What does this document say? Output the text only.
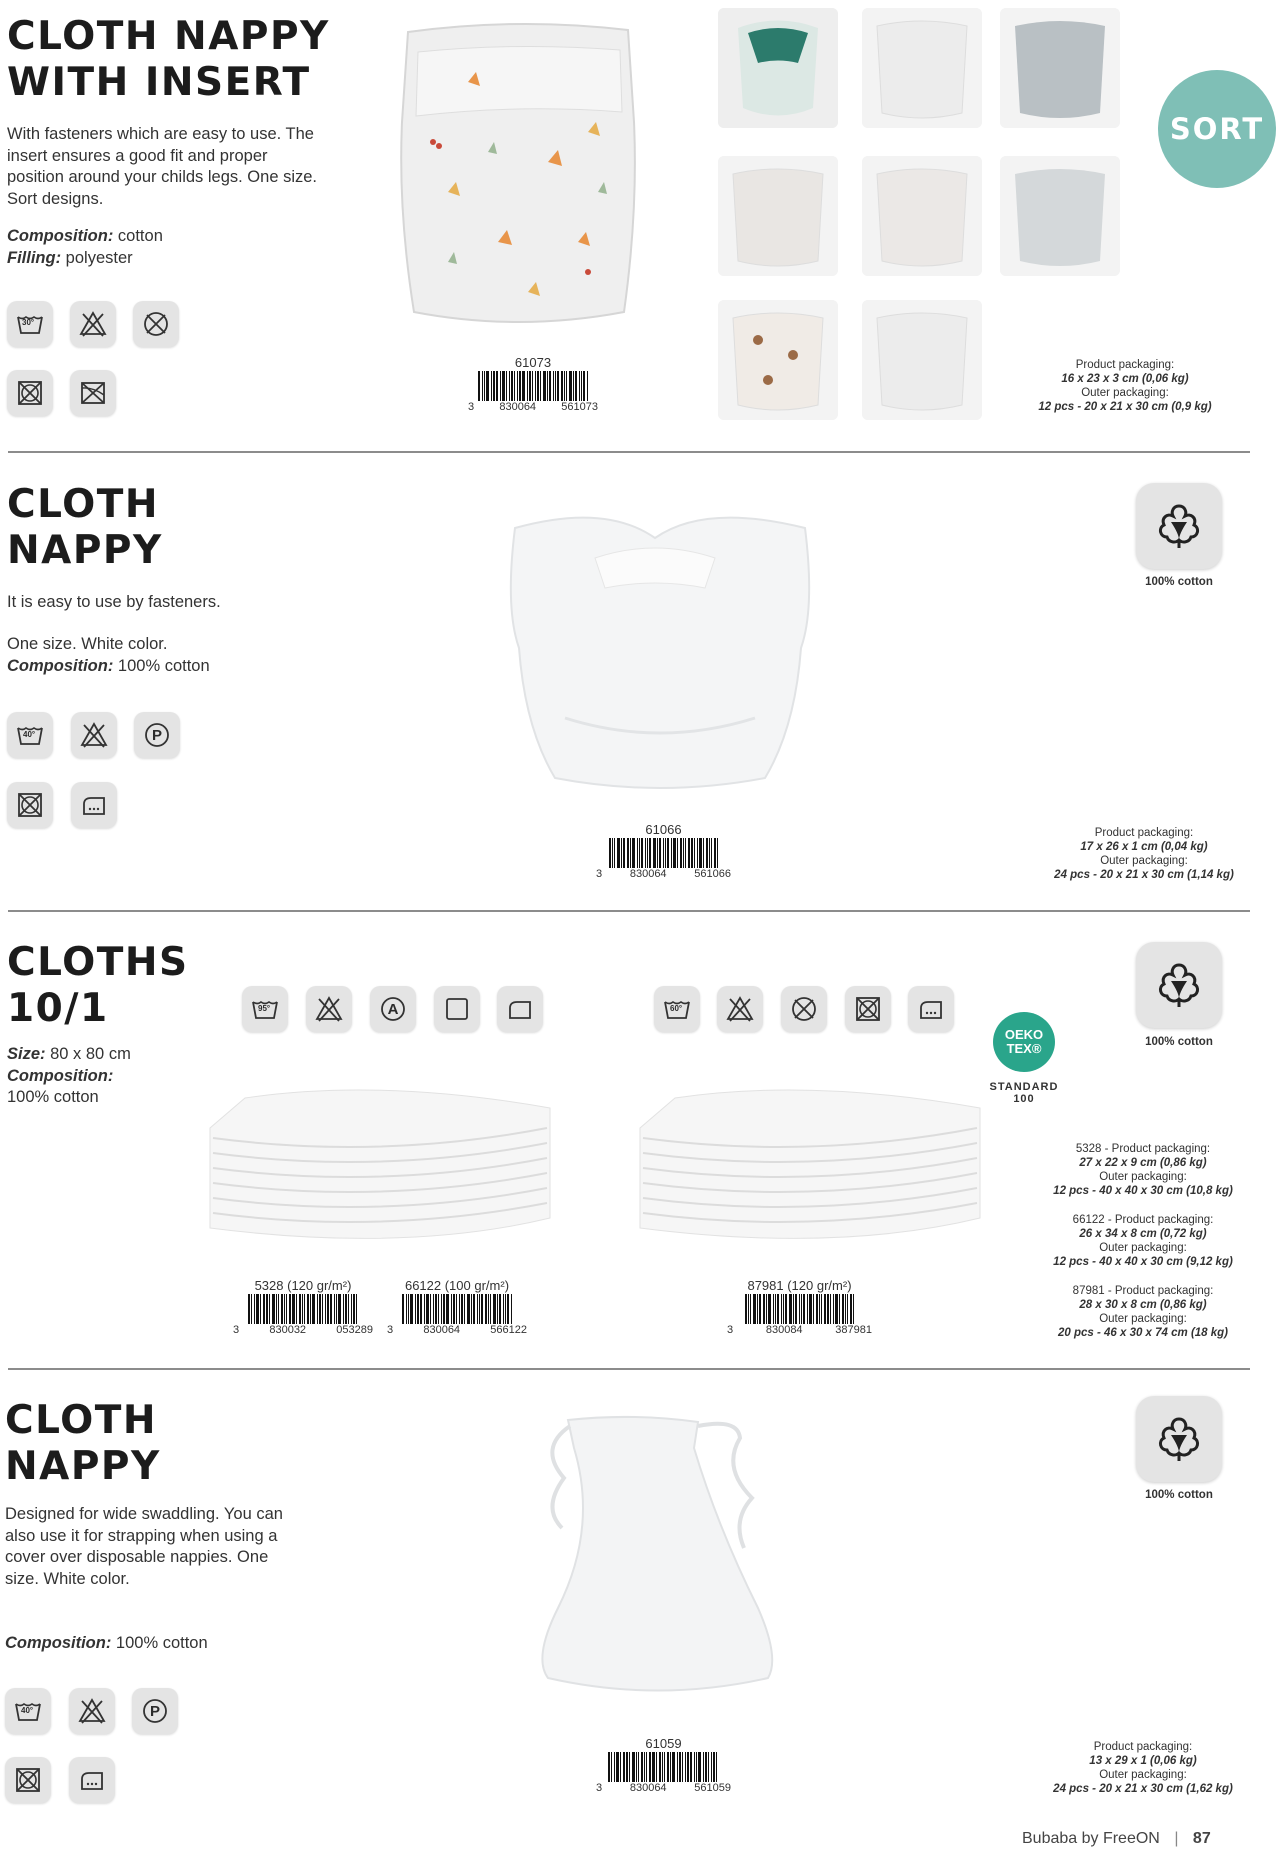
CLOTH NAPPY
WITH INSERT
With fasteners which are easy to use. The insert ensures a good fit and proper position around your childs legs. One size. Sort designs.
Composition: cotton
Filling: polyester
30°
SORT
61073
3 830064 561073
Product packaging:
16 x 23 x 3 cm (0,06 kg)
Outer packaging:
12 pcs - 20 x 21 x 30 cm (0,9 kg)
CLOTH
NAPPY
It is easy to use by fasteners.
One size. White color.
Composition: 100% cotton
40°	P
100% cotton
61066
3	830064	561066
Product packaging:
17 x 26 x 1 cm (0,04 kg)
Outer packaging:
24 pcs - 20 x 21 x 30 cm (1,14 kg)
CLOTHS
10/1
Size: 80 x 80 cm
Composition:
100% cotton
95°	A	60°
OEKO
TEX®
STANDARD
100
100% cotton
5328 (120 gr/m²)
3	830032	053289
66122 (100 gr/m²)
3	830064	566122
87981 (120 gr/m²)
3	830084	387981
5328 - Product packaging:
27 x 22 x 9 cm (0,86 kg)
Outer packaging:
12 pcs - 40 x 40 x 30 cm (10,8 kg)
66122 - Product packaging:
26 x 34 x 8 cm (0,72 kg)
Outer packaging:
12 pcs - 40 x 40 x 30 cm (9,12 kg)
87981 - Product packaging:
28 x 30 x 8 cm (0,86 kg)
Outer packaging:
20 pcs - 46 x 30 x 74 cm (18 kg)
CLOTH
NAPPY
Designed for wide swaddling. You can also use it for strapping when using a cover over disposable nappies. One size. White color.
Composition: 100% cotton
40°	P
100% cotton
61059
3	830064	561059
Product packaging:
13 x 29 x 1 (0,06 kg)
Outer packaging:
24 pcs - 20 x 21 x 30 cm (1,62 kg)
Bubaba by FreeON | 87
